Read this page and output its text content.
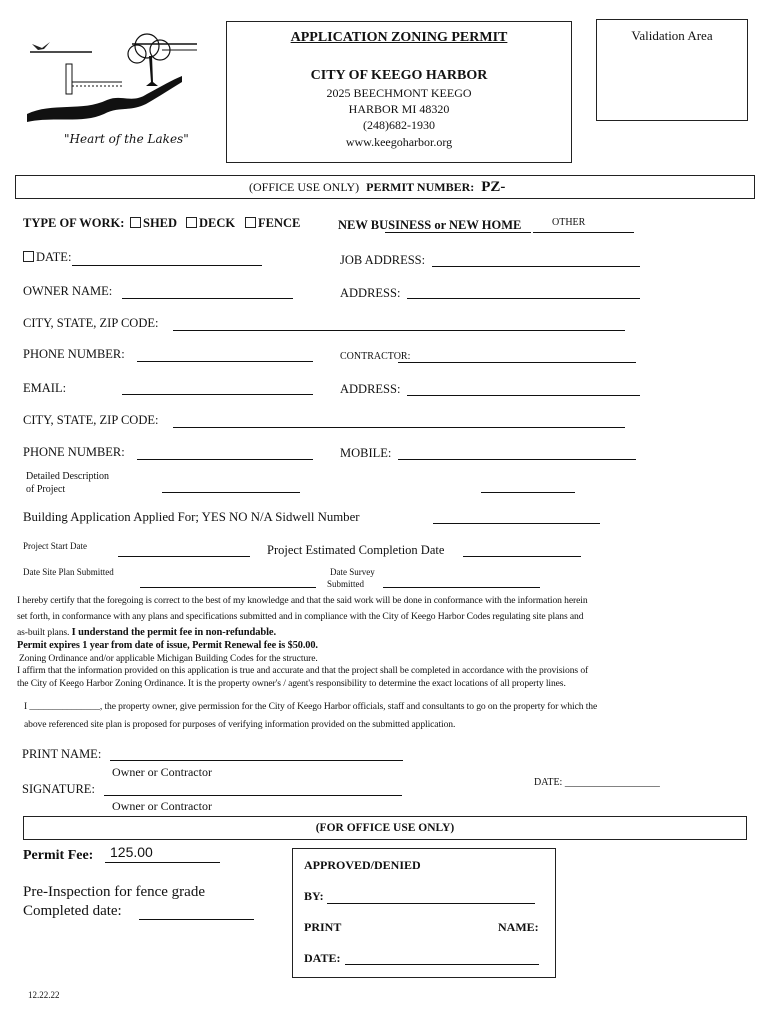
"Heart of the Lakes"
APPLICATION ZONING PERMIT
CITY OF KEEGO HARBOR
2025 BEECHMONT KEEGO
HARBOR MI 48320
(248)682-1930
www.keegoharbor.org
Validation Area
(OFFICE USE ONLY) PERMIT NUMBER: PZ-
TYPE OF WORK:	SHED	DECK	FENCE	NEW BUSINESS or NEW HOME	OTHER
DATE:	JOB ADDRESS:
OWNER NAME:	ADDRESS:
CITY, STATE, ZIP CODE:
PHONE NUMBER:	CONTRACTOR:
EMAIL:	ADDRESS:
CITY, STATE, ZIP CODE:
PHONE NUMBER:	MOBILE:
Detailed Description
of Project
Building Application Applied For; YES NO N/A Sidwell Number
Project Start Date	Project Estimated Completion Date
Date Site Plan Submitted	Date Survey
Submitted
I hereby certify that the foregoing is correct to the best of my knowledge and that the said work will be done in conformance with the information herein
set forth, in conformance with any plans and specifications submitted and in compliance with the City of Keego Harbor Codes regulating site plans and
as-built plans. I understand the permit fee in non-refundable.
Permit expires 1 year from date of issue, Permit Renewal fee is $50.00.
Zoning Ordinance and/or applicable Michigan Building Codes for the structure.
I affirm that the information provided on this application is true and accurate and that the project shall be completed in accordance with the provisions of
the City of Keego Harbor Zoning Ordinance. It is the property owner's / agent's responsibility to determine the exact locations of all property lines.
I _______________, the property owner, give permission for the City of Keego Harbor officials, staff and consultants to go on the property for which the
above referenced site plan is proposed for purposes of verifying information provided on the submitted application.
PRINT NAME:
Owner or Contractor
DATE: ___________________
SIGNATURE:
Owner or Contractor
(FOR OFFICE USE ONLY)
Permit Fee: 125.00
Pre-Inspection for fence grade
Completed date:
APPROVED/DENIED
BY:
PRINT	NAME:
DATE:
12.22.22
